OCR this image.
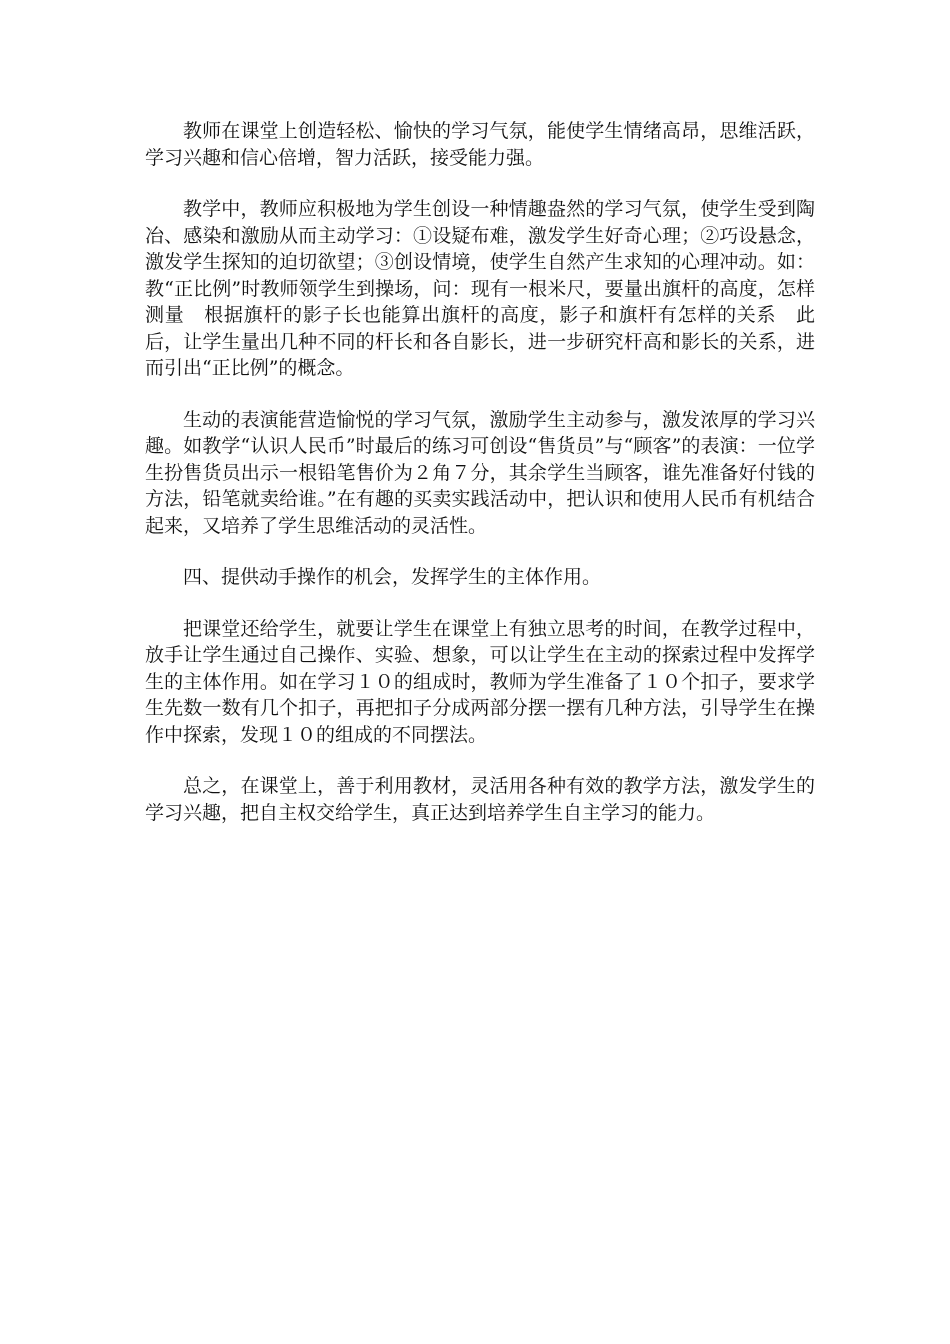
教师在课堂上创造轻松、愉快的学习气氛，能使学生情绪高昂，思维活跃，学习兴趣和信心倍增，智力活跃，接受能力强。

教学中，教师应积极地为学生创设一种情趣盎然的学习气氛，使学生受到陶冶、感染和激励从而主动学习：①设疑布难，激发学生好奇心理；②巧设悬念，激发学生探知的迫切欲望；③创设情境，使学生自然产生求知的心理冲动。如：教“正比例”时教师领学生到操场，问：现有一根米尺，要量出旗杆的高度，怎样测量　根据旗杆的影子长也能算出旗杆的高度，影子和旗杆有怎样的关系　此后，让学生量出几种不同的杆长和各自影长，进一步研究杆高和影长的关系，进而引出“正比例”的概念。

生动的表演能营造愉悦的学习气氛，激励学生主动参与，激发浓厚的学习兴趣。如教学“认识人民币”时最后的练习可创设“售货员”与“顾客”的表演：一位学生扮售货员出示一根铅笔售价为２角７分，其余学生当顾客，谁先准备好付钱的方法，铅笔就卖给谁。”在有趣的买卖实践活动中，把认识和使用人民币有机结合起来，又培养了学生思维活动的灵活性。

四、提供动手操作的机会，发挥学生的主体作用。

把课堂还给学生，就要让学生在课堂上有独立思考的时间，在教学过程中，放手让学生通过自己操作、实验、想象，可以让学生在主动的探索过程中发挥学生的主体作用。如在学习１０的组成时，教师为学生准备了１０个扣子，要求学生先数一数有几个扣子，再把扣子分成两部分摆一摆有几种方法，引导学生在操作中探索，发现１０的组成的不同摆法。

总之，在课堂上，善于利用教材，灵活用各种有效的教学方法，激发学生的学习兴趣，把自主权交给学生，真正达到培养学生自主学习的能力。
